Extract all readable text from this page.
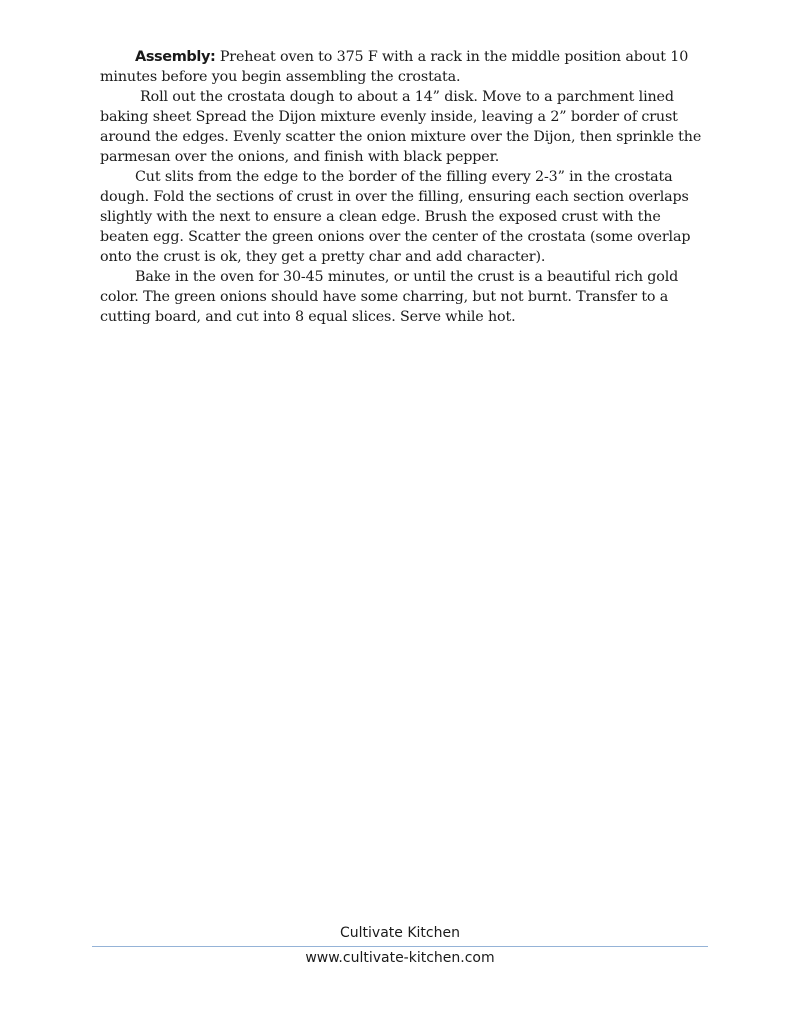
Assembly: Preheat oven to 375 F with a rack in the middle position about 10 minutes before you begin assembling the crostata.

Roll out the crostata dough to about a 14” disk. Move to a parchment lined baking sheet Spread the Dijon mixture evenly inside, leaving a 2” border of crust around the edges. Evenly scatter the onion mixture over the Dijon, then sprinkle the parmesan over the onions, and finish with black pepper.

Cut slits from the edge to the border of the filling every 2-3” in the crostata dough. Fold the sections of crust in over the filling, ensuring each section overlaps slightly with the next to ensure a clean edge. Brush the exposed crust with the beaten egg. Scatter the green onions over the center of the crostata (some overlap onto the crust is ok, they get a pretty char and add character).

Bake in the oven for 30-45 minutes, or until the crust is a beautiful rich gold color. The green onions should have some charring, but not burnt. Transfer to a cutting board, and cut into 8 equal slices. Serve while hot.

Cultivate Kitchen
www.cultivate-kitchen.com
